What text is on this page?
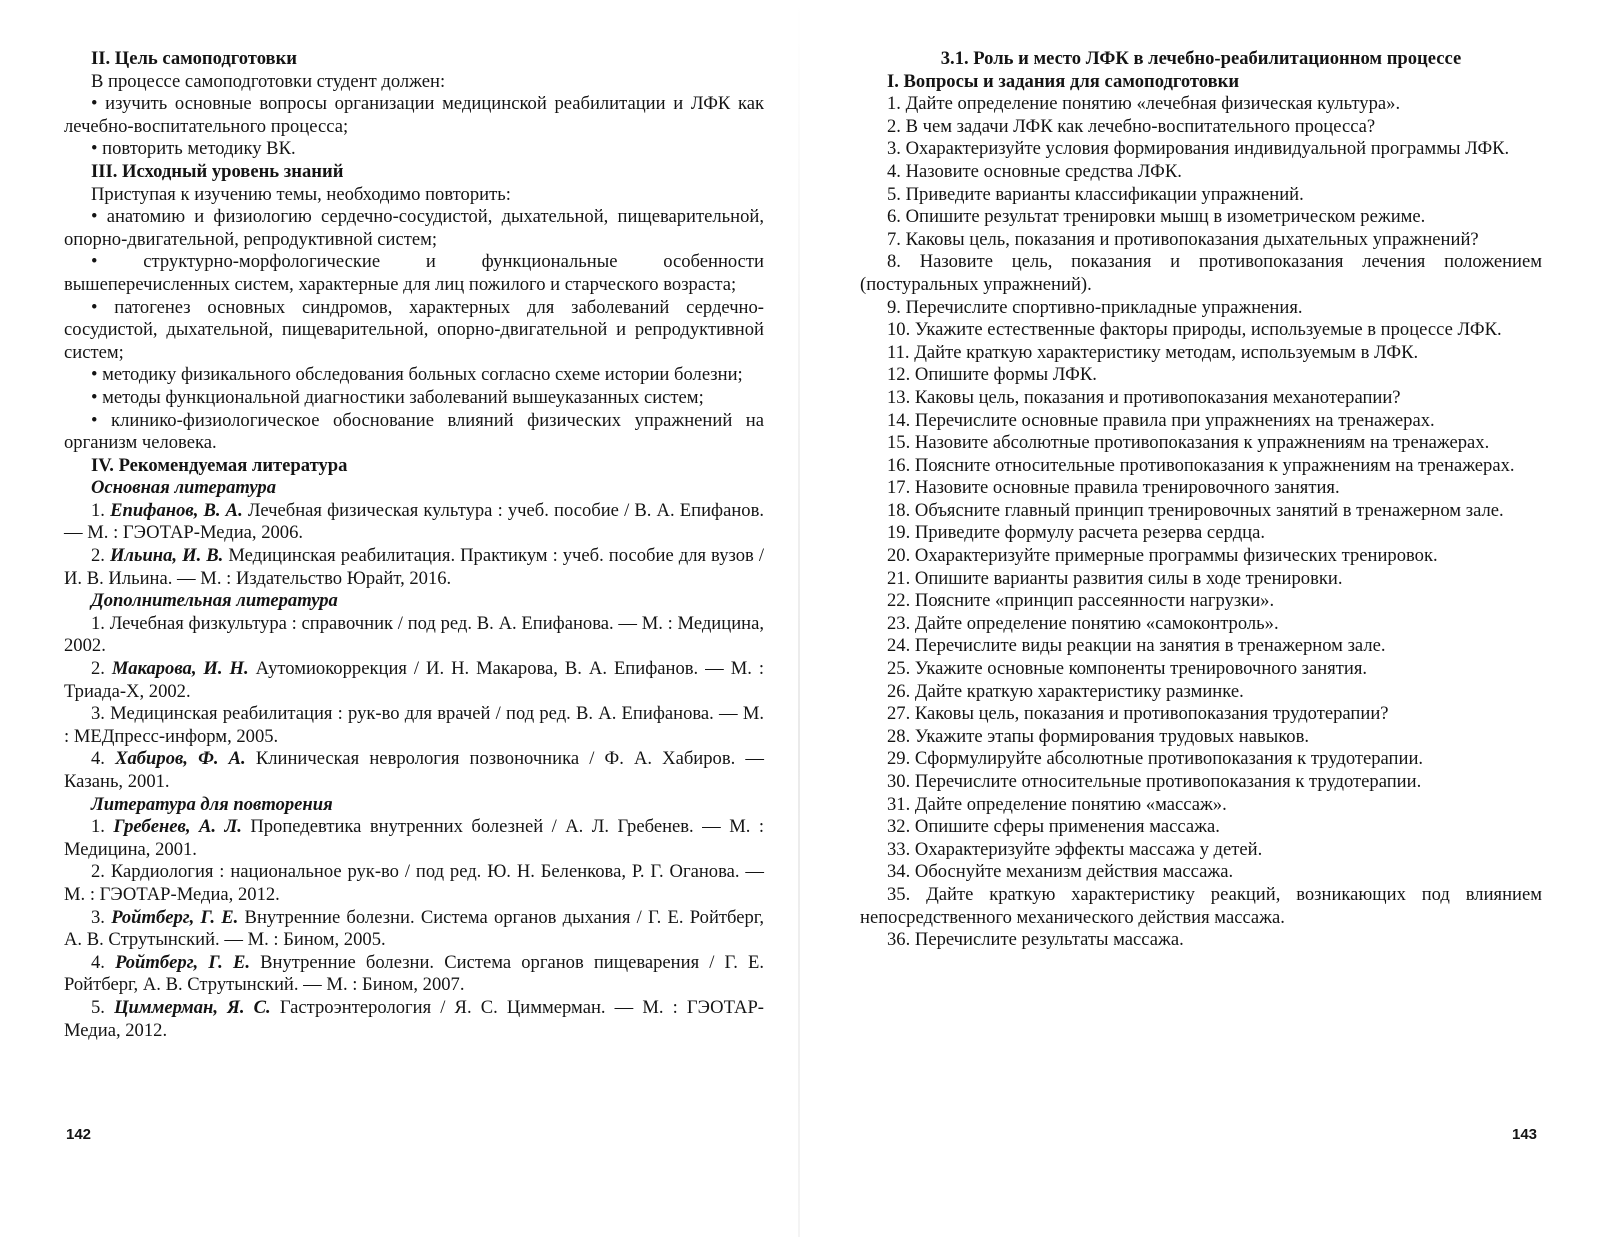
II. Цель самоподготовки

В процессе самоподготовки студент должен:

• изучить основные вопросы организации медицинской реабилитации и ЛФК как лечебно-воспитательного процесса;

• повторить методику ВК.

III. Исходный уровень знаний

Приступая к изучению темы, необходимо повторить:

• анатомию и физиологию сердечно-сосудистой, дыхательной, пищеварительной, опорно-двигательной, репродуктивной систем;

• структурно-морфологические и функциональные особенности вышеперечисленных систем, характерные для лиц пожилого и старческого возраста;

• патогенез основных синдромов, характерных для заболеваний сердечно-сосудистой, дыхательной, пищеварительной, опорно-двигательной и репродуктивной систем;

• методику физикального обследования больных согласно схеме истории болезни;

• методы функциональной диагностики заболеваний вышеуказанных систем;

• клинико-физиологическое обоснование влияний физических упражнений на организм человека.

IV. Рекомендуемая литература

Основная литература

1. Епифанов, В. А. Лечебная физическая культура : учеб. пособие / В. А. Епифанов. — М. : ГЭОТАР-Медиа, 2006.

2. Ильина, И. В. Медицинская реабилитация. Практикум : учеб. пособие для вузов / И. В. Ильина. — М. : Издательство Юрайт, 2016.

Дополнительная литература

1. Лечебная физкультура : справочник / под ред. В. А. Епифанова. — М. : Медицина, 2002.

2. Макарова, И. Н. Аутомиокоррекция / И. Н. Макарова, В. А. Епифанов. — М. : Триада-Х, 2002.

3. Медицинская реабилитация : рук-во для врачей / под ред. В. А. Епифанова. — М. : МЕДпресс-информ, 2005.

4. Хабиров, Ф. А. Клиническая неврология позвоночника / Ф. А. Хабиров. — Казань, 2001.

Литература для повторения

1. Гребенев, А. Л. Пропедевтика внутренних болезней / А. Л. Гребенев. — М. : Медицина, 2001.

2. Кардиология : национальное рук-во / под ред. Ю. Н. Беленкова, Р. Г. Оганова. — М. : ГЭОТАР-Медиа, 2012.

3. Ройтберг, Г. Е. Внутренние болезни. Система органов дыхания / Г. Е. Ройтберг, А. В. Струтынский. — М. : Бином, 2005.

4. Ройтберг, Г. Е. Внутренние болезни. Система органов пищеварения / Г. Е. Ройтберг, А. В. Струтынский. — М. : Бином, 2007.

5. Циммерман, Я. С. Гастроэнтерология / Я. С. Циммерман. — М. : ГЭОТАР-Медиа, 2012.

142

3.1. Роль и место ЛФК в лечебно-реабилитационном процессе

I. Вопросы и задания для самоподготовки

1. Дайте определение понятию «лечебная физическая культура».

2. В чем задачи ЛФК как лечебно-воспитательного процесса?

3. Охарактеризуйте условия формирования индивидуальной программы ЛФК.

4. Назовите основные средства ЛФК.

5. Приведите варианты классификации упражнений.

6. Опишите результат тренировки мышц в изометрическом режиме.

7. Каковы цель, показания и противопоказания дыхательных упражнений?

8. Назовите цель, показания и противопоказания лечения положением (постуральных упражнений).

9. Перечислите спортивно-прикладные упражнения.

10. Укажите естественные факторы природы, используемые в процессе ЛФК.

11. Дайте краткую характеристику методам, используемым в ЛФК.

12. Опишите формы ЛФК.

13. Каковы цель, показания и противопоказания механотерапии?

14. Перечислите основные правила при упражнениях на тренажерах.

15. Назовите абсолютные противопоказания к упражнениям на тренажерах.

16. Поясните относительные противопоказания к упражнениям на тренажерах.

17. Назовите основные правила тренировочного занятия.

18. Объясните главный принцип тренировочных занятий в тренажерном зале.

19. Приведите формулу расчета резерва сердца.

20. Охарактеризуйте примерные программы физических тренировок.

21. Опишите варианты развития силы в ходе тренировки.

22. Поясните «принцип рассеянности нагрузки».

23. Дайте определение понятию «самоконтроль».

24. Перечислите виды реакции на занятия в тренажерном зале.

25. Укажите основные компоненты тренировочного занятия.

26. Дайте краткую характеристику разминке.

27. Каковы цель, показания и противопоказания трудотерапии?

28. Укажите этапы формирования трудовых навыков.

29. Сформулируйте абсолютные противопоказания к трудотерапии.

30. Перечислите относительные противопоказания к трудотерапии.

31. Дайте определение понятию «массаж».

32. Опишите сферы применения массажа.

33. Охарактеризуйте эффекты массажа у детей.

34. Обоснуйте механизм действия массажа.

35. Дайте краткую характеристику реакций, возникающих под влиянием непосредственного механического действия массажа.

36. Перечислите результаты массажа.

143
